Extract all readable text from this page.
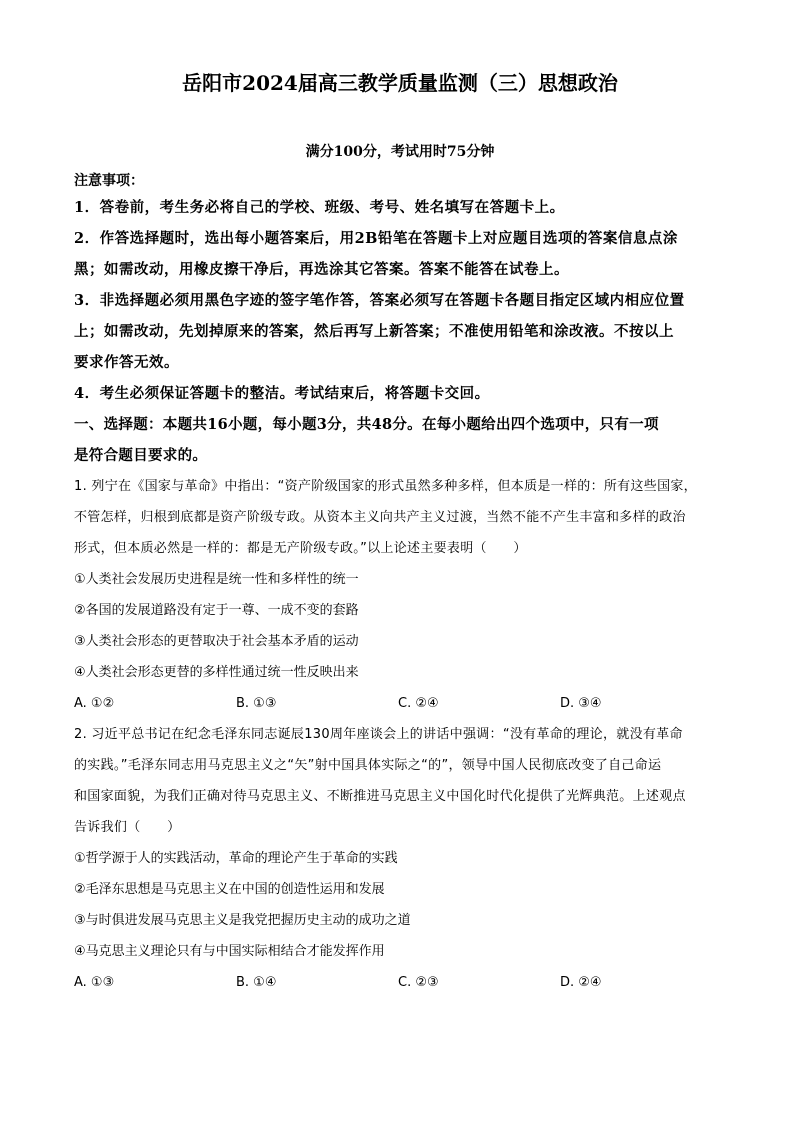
岳阳市2024届高三教学质量监测（三）思想政治
满分100分，考试用时75分钟
注意事项：
1．答卷前，考生务必将自己的学校、班级、考号、姓名填写在答题卡上。
2．作答选择题时，选出每小题答案后，用2B铅笔在答题卡上对应题目选项的答案信息点涂
黑；如需改动，用橡皮擦干净后，再选涂其它答案。答案不能答在试卷上。
3．非选择题必须用黑色字迹的签字笔作答，答案必须写在答题卡各题目指定区域内相应位置
上；如需改动，先划掉原来的答案，然后再写上新答案；不准使用铅笔和涂改液。不按以上
要求作答无效。
4．考生必须保证答题卡的整洁。考试结束后，将答题卡交回。
一、选择题：本题共16小题，每小题3分，共48分。在每小题给出四个选项中，只有一项
是符合题目要求的。
1. 列宁在《国家与革命》中指出：“资产阶级国家的形式虽然多种多样，但本质是一样的：所有这些国家，
不管怎样，归根到底都是资产阶级专政。从资本主义向共产主义过渡，当然不能不产生丰富和多样的政治
形式，但本质必然是一样的：都是无产阶级专政。”以上论述主要表明（　　）
①人类社会发展历史进程是统一性和多样性的统一
②各国的发展道路没有定于一尊、一成不变的套路
③人类社会形态的更替取决于社会基本矛盾的运动
④人类社会形态更替的多样性通过统一性反映出来
A. ①②	B. ①③	C. ②④	D. ③④
2. 习近平总书记在纪念毛泽东同志诞辰130周年座谈会上的讲话中强调：“没有革命的理论，就没有革命
的实践。”毛泽东同志用马克思主义之“矢”射中国具体实际之“的”，领导中国人民彻底改变了自己命运
和国家面貌，为我们正确对待马克思主义、不断推进马克思主义中国化时代化提供了光辉典范。上述观点
告诉我们（　　）
①哲学源于人的实践活动，革命的理论产生于革命的实践
②毛泽东思想是马克思主义在中国的创造性运用和发展
③与时俱进发展马克思主义是我党把握历史主动的成功之道
④马克思主义理论只有与中国实际相结合才能发挥作用
A. ①③	B. ①④	C. ②③	D. ②④
